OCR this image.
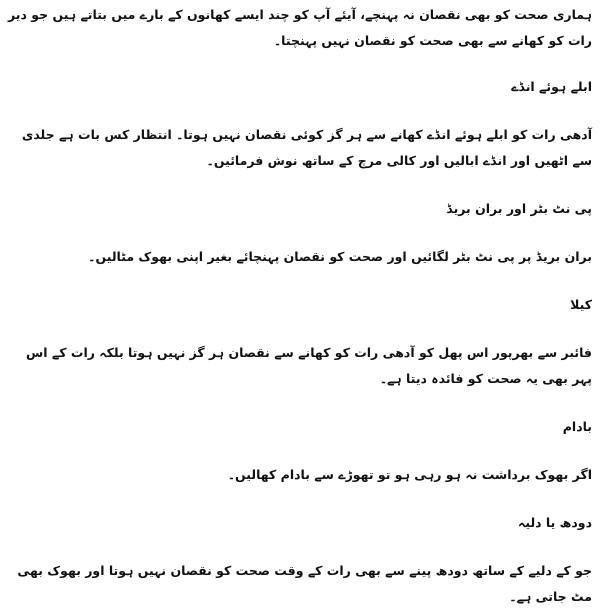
ہماری صحت کو بھی نقصان نہ پہنچے، آیئے آپ کو چند ایسے کھانوں کے بارے میں بتاتے ہیں جو دیر رات کو کھانے سے بھی صحت کو نقصان نہیں پہنچتا۔

ابلے ہوئے انڈے

آدھی رات کو ابلے ہوئے انڈے کھانے سے ہر گز کوئی نقصان نہیں ہوتا۔ انتظار کس بات ہے جلدی سے اٹھیں اور انڈے ابالیں اور کالی مرچ کے ساتھ نوش فرمائیں۔

پی نٹ بٹر اور بران بریڈ

بران بریڈ پر پی نٹ بٹر لگائیں اور صحت کو نقصان پہنچائے بغیر اپنی بھوک مٹالیں۔

کیلا

فائبر سے بھرپور اس پھل کو آدھی رات کو کھانے سے نقصان ہر گز نہیں ہوتا بلکہ رات کے اس پہر بھی یہ صحت کو فائدہ دیتا ہے۔

بادام

اگر بھوک برداشت نہ ہو رہی ہو تو تھوڑے سے بادام کھالیں۔

دودھ یا دلیہ

جو کے دلیے کے ساتھ دودھ پینے سے بھی رات کے وقت صحت کو نقصان نہیں ہوتا اور بھوک بھی مٹ جاتی ہے۔
